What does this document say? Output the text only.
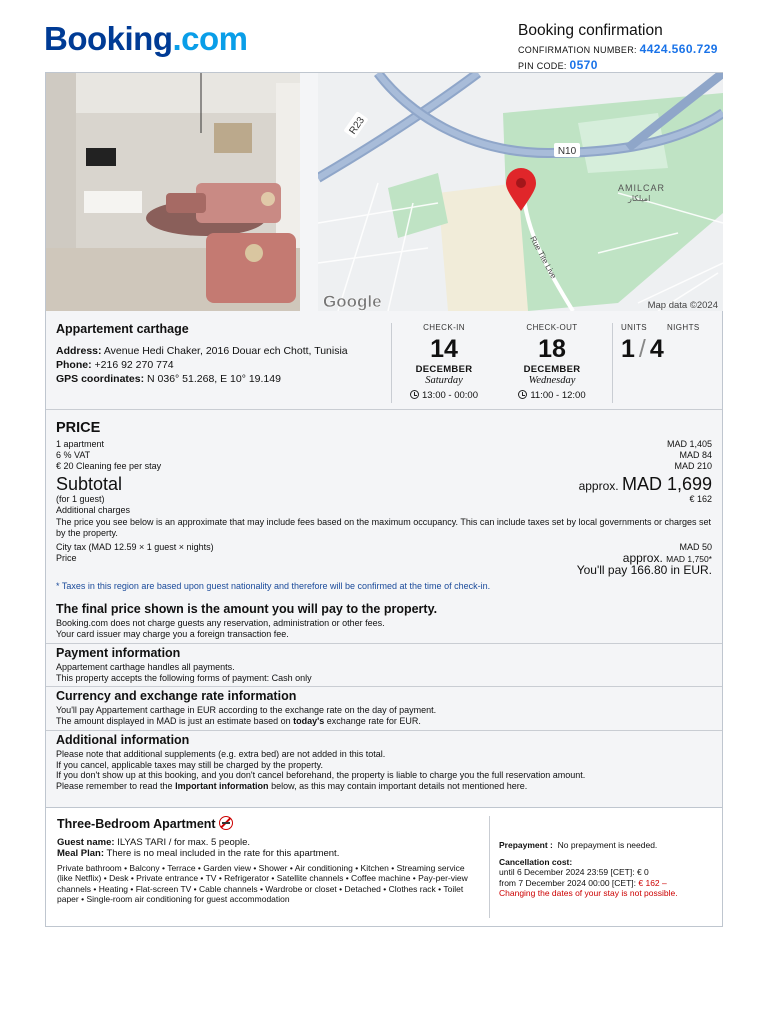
Booking.com	Booking confirmation
CONFIRMATION NUMBER: 4424.560.729
PIN CODE: 0570
R23
N10
AMILCAR
اميلكار
Rue Tite Live
Google	Map data ©2024
Appartement carthage
Address: Avenue Hedi Chaker, 2016 Douar ech Chott, Tunisia
Phone: +216 92 270 774
GPS coordinates: N 036° 51.268, E 10° 19.149
CHECK-IN
14
DECEMBER
Saturday
13:00 - 00:00
CHECK-OUT
18
DECEMBER
Wednesday
11:00 - 12:00
UNITS	NIGHTS
1 / 4
PRICE
1 apartment	MAD 1,405
6 % VAT	MAD 84
€ 20 Cleaning fee per stay	MAD 210
Subtotal	approx. MAD 1,699
(for 1 guest)	€ 162
Additional charges
The price you see below is an approximate that may include fees based on the maximum occupancy. This can include taxes set by local governments or charges set by the property.
City tax (MAD 12.59 × 1 guest × nights)	MAD 50
Price	approx. MAD 1,750*
You'll pay 166.80 in EUR.
* Taxes in this region are based upon guest nationality and therefore will be confirmed at the time of check-in.
The final price shown is the amount you will pay to the property.
Booking.com does not charge guests any reservation, administration or other fees.
Your card issuer may charge you a foreign transaction fee.
Payment information
Appartement carthage handles all payments.
This property accepts the following forms of payment: Cash only
Currency and exchange rate information
You'll pay Appartement carthage in EUR according to the exchange rate on the day of payment.
The amount displayed in MAD is just an estimate based on today's exchange rate for EUR.
Additional information
Please note that additional supplements (e.g. extra bed) are not added in this total.
If you cancel, applicable taxes may still be charged by the property.
If you don't show up at this booking, and you don't cancel beforehand, the property is liable to charge you the full reservation amount.
Please remember to read the Important information below, as this may contain important details not mentioned here.
Three-Bedroom Apartment
Guest name: ILYAS TARI / for max. 5 people.
Meal Plan: There is no meal included in the rate for this apartment.
Private bathroom • Balcony • Terrace • Garden view • Shower • Air conditioning • Kitchen • Streaming service (like Netflix) • Desk • Private entrance • TV • Refrigerator • Satellite channels • Coffee machine • Pay-per-view channels • Heating • Flat-screen TV • Cable channels • Wardrobe or closet • Detached • Clothes rack • Toilet paper • Single-room air conditioning for guest accommodation
Prepayment : No prepayment is needed.
Cancellation cost:
until 6 December 2024 23:59 [CET]: € 0
from 7 December 2024 00:00 [CET]: € 162 –
Changing the dates of your stay is not possible.
